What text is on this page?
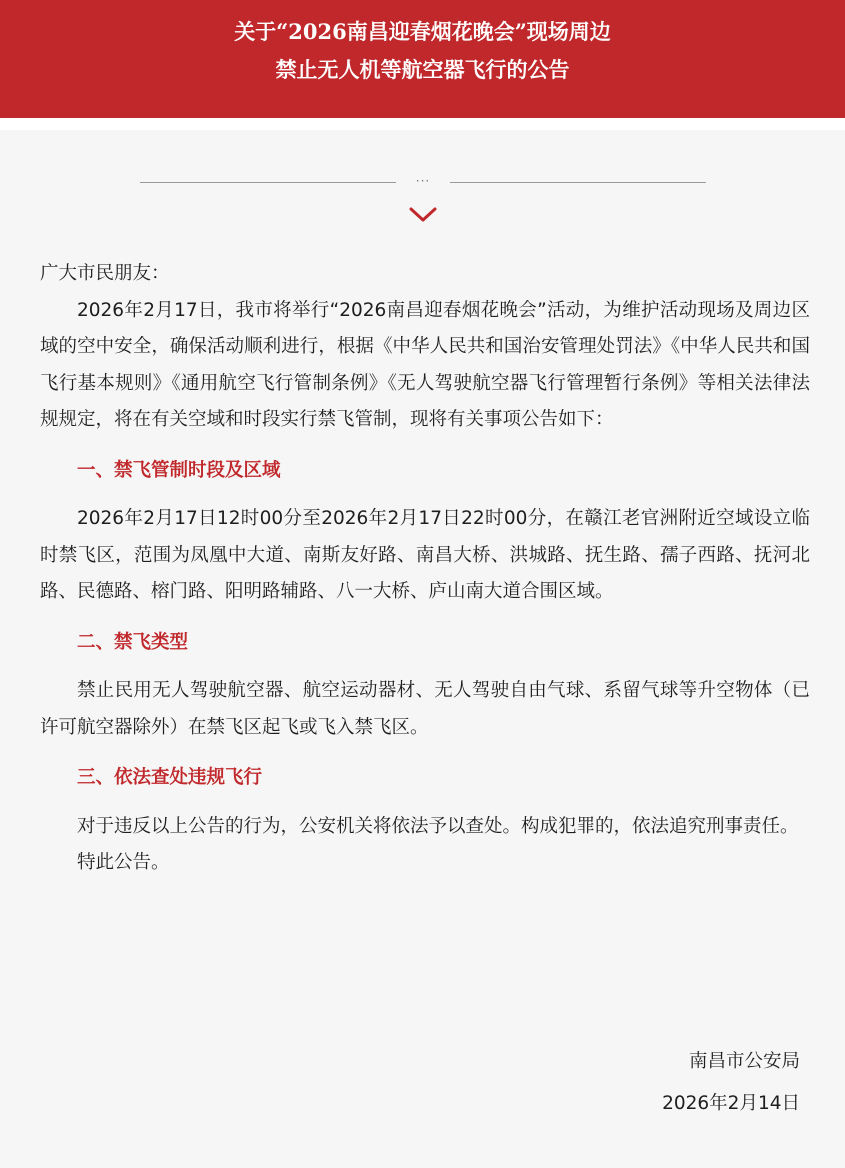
关于“2026南昌迎春烟花晚会”现场周边
禁止无人机等航空器飞行的公告
···

广大市民朋友：

2026年2月17日，我市将举行“2026南昌迎春烟花晚会”活动，为维护活动现场及周边区域的空中安全，确保活动顺利进行，根据《中华人民共和国治安管理处罚法》《中华人民共和国飞行基本规则》《通用航空飞行管制条例》《无人驾驶航空器飞行管理暂行条例》等相关法律法规规定，将在有关空域和时段实行禁飞管制，现将有关事项公告如下：

一、禁飞管制时段及区域

2026年2月17日12时00分至2026年2月17日22时00分，在赣江老官洲附近空域设立临时禁飞区，范围为凤凰中大道、南斯友好路、南昌大桥、洪城路、抚生路、孺子西路、抚河北路、民德路、榕门路、阳明路辅路、八一大桥、庐山南大道合围区域。

二、禁飞类型

禁止民用无人驾驶航空器、航空运动器材、无人驾驶自由气球、系留气球等升空物体（已许可航空器除外）在禁飞区起飞或飞入禁飞区。

三、依法查处违规飞行

对于违反以上公告的行为，公安机关将依法予以查处。构成犯罪的，依法追究刑事责任。

特此公告。

南昌市公安局

2026年2月14日
